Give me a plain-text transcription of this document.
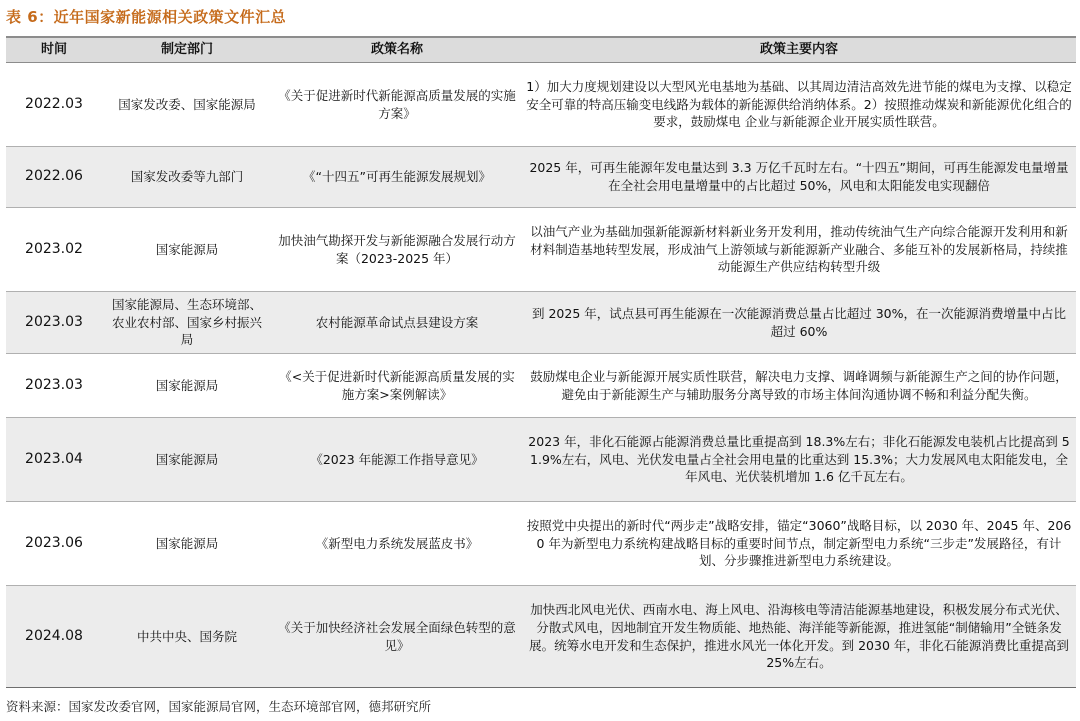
表 6：近年国家新能源相关政策文件汇总
时间	制定部门	政策名称	政策主要内容
2022.03	国家发改委、国家能源局	《关于促进新时代新能源高质量发展的实施方案》	1）加大力度规划建设以大型风光电基地为基础、以其周边清洁高效先进节能的煤电为支撑、以稳定安全可靠的特高压输变电线路为载体的新能源供给消纳体系。2）按照推动煤炭和新能源优化组合的要求，鼓励煤电 企业与新能源企业开展实质性联营。
2022.06	国家发改委等九部门	《“十四五”可再生能源发展规划》	2025 年，可再生能源年发电量达到 3.3 万亿千瓦时左右。“十四五”期间，可再生能源发电量增量在全社会用电量增量中的占比超过 50%，风电和太阳能发电实现翻倍
2023.02	国家能源局	加快油气勘探开发与新能源融合发展行动方案（2023-2025 年）	以油气产业为基础加强新能源新材料新业务开发利用，推动传统油气生产向综合能源开发利用和新材料制造基地转型发展，形成油气上游领域与新能源新产业融合、多能互补的发展新格局，持续推动能源生产供应结构转型升级
2023.03	国家能源局、生态环境部、农业农村部、国家乡村振兴局	农村能源革命试点县建设方案	到 2025 年，试点县可再生能源在一次能源消费总量占比超过 30%，在一次能源消费增量中占比超过 60%
2023.03	国家能源局	《<关于促进新时代新能源高质量发展的实施方案>案例解读》	鼓励煤电企业与新能源开展实质性联营，解决电力支撑、调峰调频与新能源生产之间的协作问题，避免由于新能源生产与辅助服务分离导致的市场主体间沟通协调不畅和利益分配失衡。
2023.04	国家能源局	《2023 年能源工作指导意见》	2023 年，非化石能源占能源消费总量比重提高到 18.3%左右；非化石能源发电装机占比提高到 51.9%左右，风电、光伏发电量占全社会用电量的比重达到 15.3%；大力发展风电太阳能发电，全年风电、光伏装机增加 1.6 亿千瓦左右。
2023.06	国家能源局	《新型电力系统发展蓝皮书》	按照党中央提出的新时代“两步走”战略安排，锚定“3060”战略目标，以 2030 年、2045 年、2060 年为新型电力系统构建战略目标的重要时间节点，制定新型电力系统“三步走”发展路径，有计划、分步骤推进新型电力系统建设。
2024.08	中共中央、国务院	《关于加快经济社会发展全面绿色转型的意见》	加快西北风电光伏、西南水电、海上风电、沿海核电等清洁能源基地建设，积极发展分布式光伏、分散式风电，因地制宜开发生物质能、地热能、海洋能等新能源，推进氢能“制储输用”全链条发展。统筹水电开发和生态保护，推进水风光一体化开发。到 2030 年，非化石能源消费比重提高到 25%左右。
资料来源：国家发改委官网，国家能源局官网，生态环境部官网，德邦研究所
